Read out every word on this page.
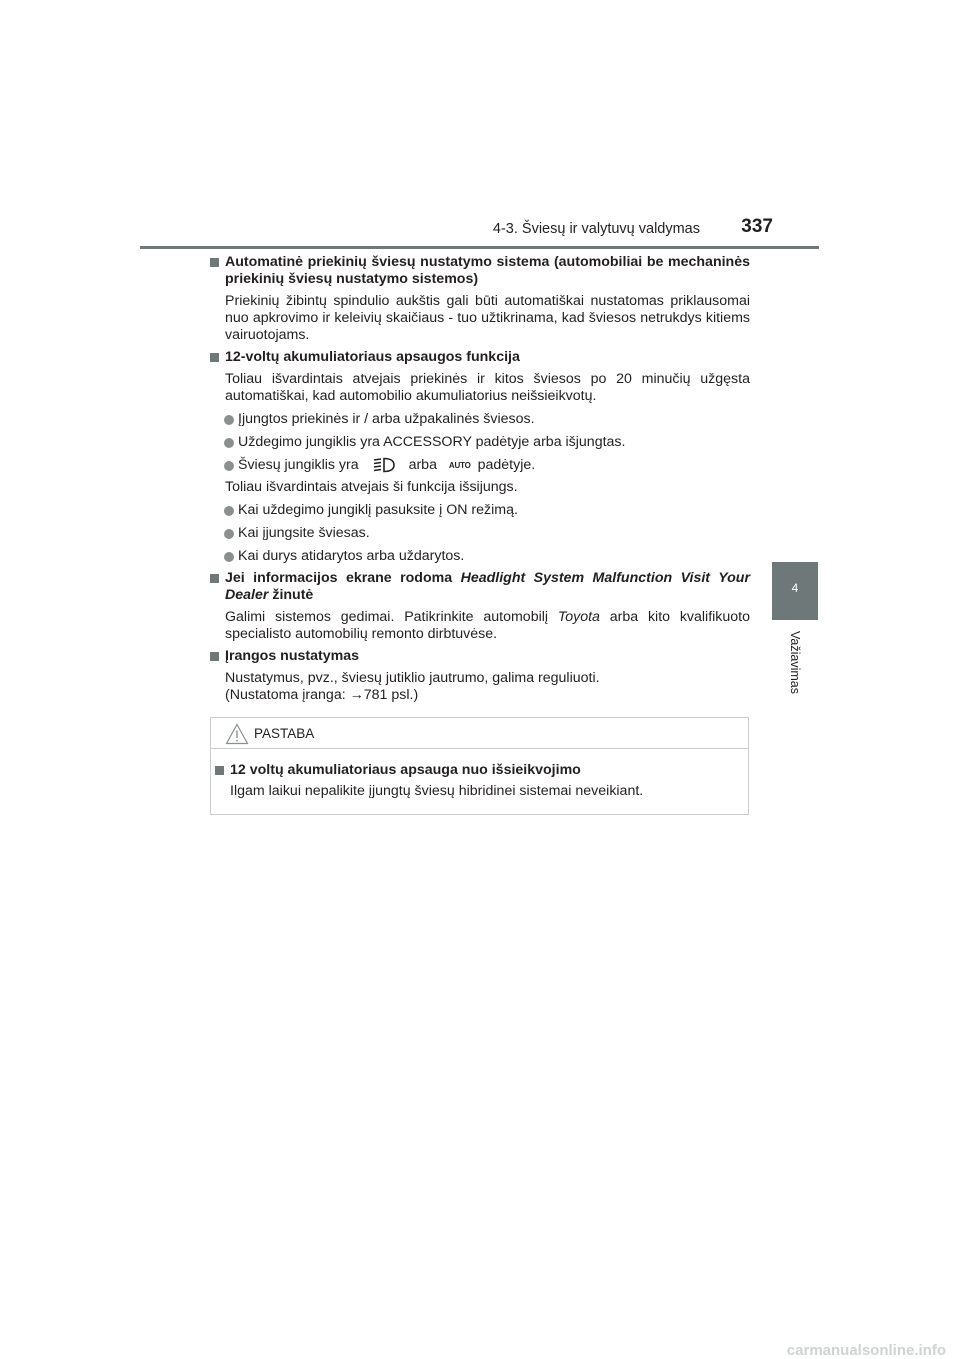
4-3. Šviesų ir valytuvų valdymas 337
4
Važiavimas
Automatinė priekinių šviesų nustatymo sistema (automobiliai be mechaninės priekinių šviesų nustatymo sistemos)
Priekinių žibintų spindulio aukštis gali būti automatiškai nustatomas priklausomai nuo apkrovimo ir keleivių skaičiaus - tuo užtikrinama, kad šviesos netrukdys kitiems vairuotojams.
12-voltų akumuliatoriaus apsaugos funkcija
Toliau išvardintais atvejais priekinės ir kitos šviesos po 20 minučių užgęsta automatiškai, kad automobilio akumuliatorius neišsieikvotų.
Įjungtos priekinės ir / arba užpakalinės šviesos.
Uždegimo jungiklis yra ACCESSORY padėtyje arba išjungtas.
Šviesų jungiklis yra	arba AUTO padėtyje.
Toliau išvardintais atvejais ši funkcija išsijungs.
Kai uždegimo jungiklį pasuksite į ON režimą.
Kai įjungsite šviesas.
Kai durys atidarytos arba uždarytos.
Jei informacijos ekrane rodoma Headlight System Malfunction Visit Your Dealer žinutė
Galimi sistemos gedimai. Patikrinkite automobilį Toyota arba kito kvalifikuoto specialisto automobilių remonto dirbtuvėse.
Įrangos nustatymas
Nustatymus, pvz., šviesų jutiklio jautrumo, galima reguliuoti.
(Nustatoma įranga: →781 psl.)
PASTABA
12 voltų akumuliatoriaus apsauga nuo išsieikvojimo
Ilgam laikui nepalikite įjungtų šviesų hibridinei sistemai neveikiant.
carmanualsonline.info
